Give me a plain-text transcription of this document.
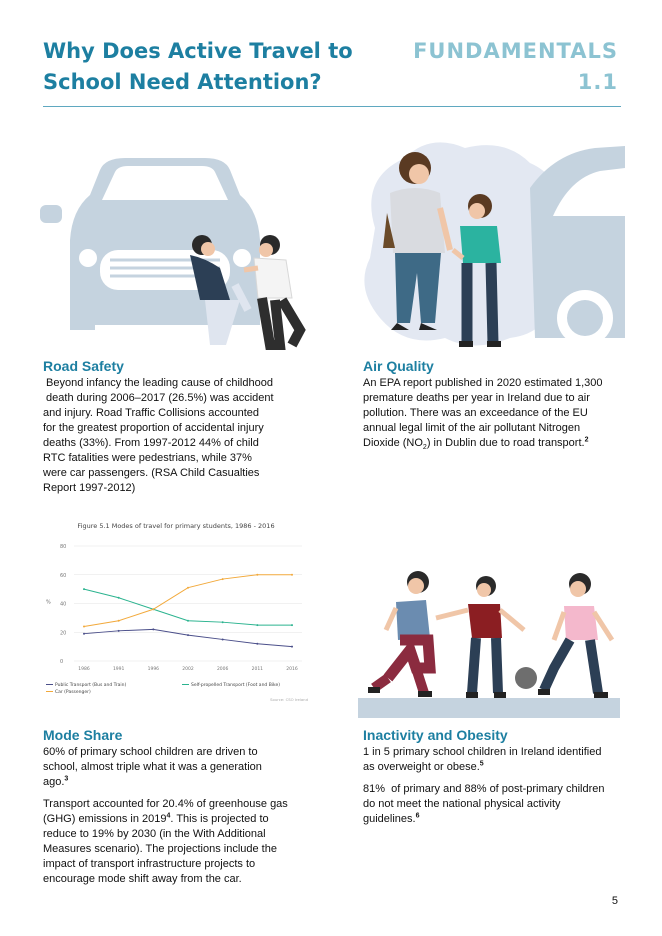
Why Does Active Travel to School Need Attention?
FUNDAMENTALS
1.1
Road Safety
Beyond infancy the leading cause of childhood
death during 2006–2017 (26.5%) was accident
and injury. Road Traffic Collisions accounted
for the greatest proportion of accidental injury
deaths (33%). From 1997-2012 44% of child
RTC fatalities were pedestrians, while 37%
were car passengers. (RSA Child Casualties
Report 1997-2012)
Air Quality
An EPA report published in 2020 estimated 1,300
premature deaths per year in Ireland due to air
pollution. There was an exceedance of the EU
annual legal limit of the air pollutant Nitrogen
Dioxide $(NO_2)$ in Dublin due to road transport.$^2$
Figure 5.1 Modes of travel for primary students, 1986 - 2016
%
0
20
40
60
80
1986	1991	1996	2002	2006	2011	2016
Public Transport (Bus and Train)	Self-propelled Transport (Foot and Bike)
Car (Passenger)
Source: CSO Ireland
Mode Share
60% of primary school children are driven to
school, almost triple what it was a generation
ago.$^3$
Transport accounted for 20.4% of greenhouse gas
(GHG) emissions in 2019$^4$. This is projected to
reduce to 19% by 2030 (in the With Additional
Measures scenario). The projections include the
impact of transport infrastructure projects to
encourage mode shift away from the car.
Inactivity and Obesity
1 in 5 primary school children in Ireland identified
as overweight or obese.$^5$
81%  of primary and 88% of post-primary children
do not meet the national physical activity
guidelines.$^6$
5
